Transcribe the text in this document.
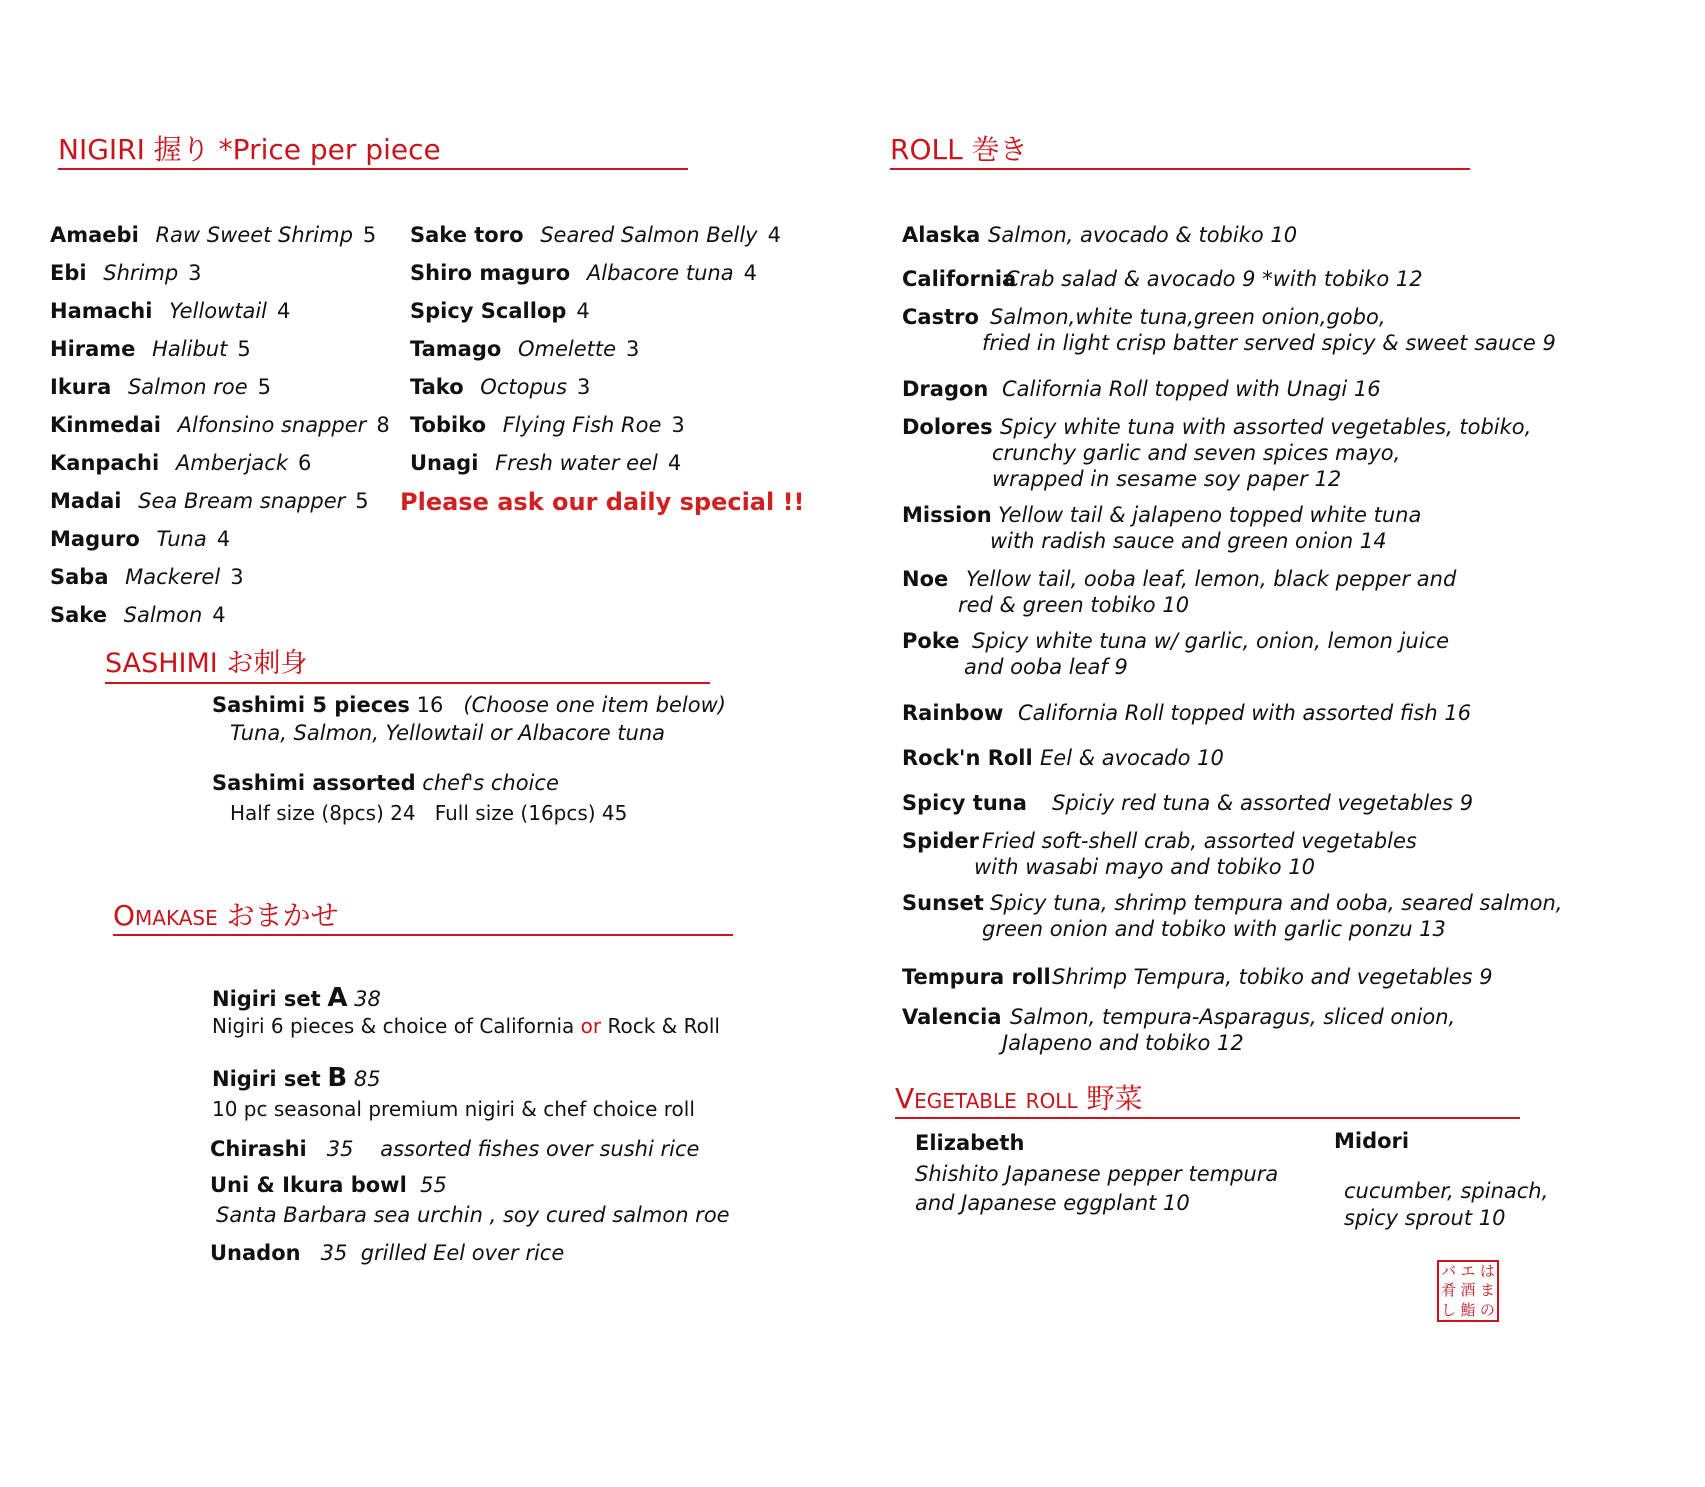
NIGIRI 握り *Price per piece
Amaebi Raw Sweet Shrimp 5
Ebi Shrimp 3
Hamachi Yellowtail 4
Hirame Halibut 5
Ikura Salmon roe 5
Kinmedai Alfonsino snapper 8
Kanpachi Amberjack 6
Madai Sea Bream snapper 5
Maguro Tuna 4
Saba Mackerel 3
Sake Salmon 4
Sake toro Seared Salmon Belly 4
Shiro maguro Albacore tuna 4
Spicy Scallop 4
Tamago Omelette 3
Tako Octopus 3
Tobiko Flying Fish Roe 3
Unagi Fresh water eel 4
Please ask our daily special !!
SASHIMI お刺身
Sashimi 5 pieces 16 (Choose one item below)
Tuna, Salmon, Yellowtail or Albacore tuna
Sashimi assorted chef's choice
Half size (8pcs) 24 Full size (16pcs) 45
Omakase おまかせ
Nigiri set A 38
Nigiri 6 pieces & choice of California or Rock & Roll
Nigiri set B 85
10 pc seasonal premium nigiri & chef choice roll
Chirashi 35 assorted fishes over sushi rice
Uni & Ikura bowl 55
Santa Barbara sea urchin , soy cured salmon roe
Unadon 35 grilled Eel over rice
ROLL 巻き
Alaska Salmon, avocado & tobiko 10
California
Crab salad & avocado 9 *with tobiko 12
Castro Salmon,white tuna,green onion,gobo,
fried in light crisp batter served spicy & sweet sauce 9
Dragon California Roll topped with Unagi 16
Dolores Spicy white tuna with assorted vegetables, tobiko,
crunchy garlic and seven spices mayo,
wrapped in sesame soy paper 12
Mission Yellow tail & jalapeno topped white tuna
with radish sauce and green onion 14
Noe Yellow tail, ooba leaf, lemon, black pepper and
red & green tobiko 10
Poke Spicy white tuna w/ garlic, onion, lemon juice
and ooba leaf 9
Rainbow California Roll topped with assorted fish 16
Rock'n Roll Eel & avocado 10
Spicy tuna Spiciy red tuna & assorted vegetables 9
Spider Fried soft-shell crab, assorted vegetables
with wasabi mayo and tobiko 10
Sunset Spicy tuna, shrimp tempura and ooba, seared salmon,
green onion and tobiko with garlic ponzu 13
Tempura roll Shrimp Tempura, tobiko and vegetables 9
Valencia Salmon, tempura-Asparagus, sliced onion,
Jalapeno and tobiko 12
Vegetable roll 野菜
Elizabeth
Shishito Japanese pepper tempura
and Japanese eggplant 10
Midori
cucumber, spinach,
spicy sprout 10
バ エ は
肴 酒 ま
し 鮨 の
